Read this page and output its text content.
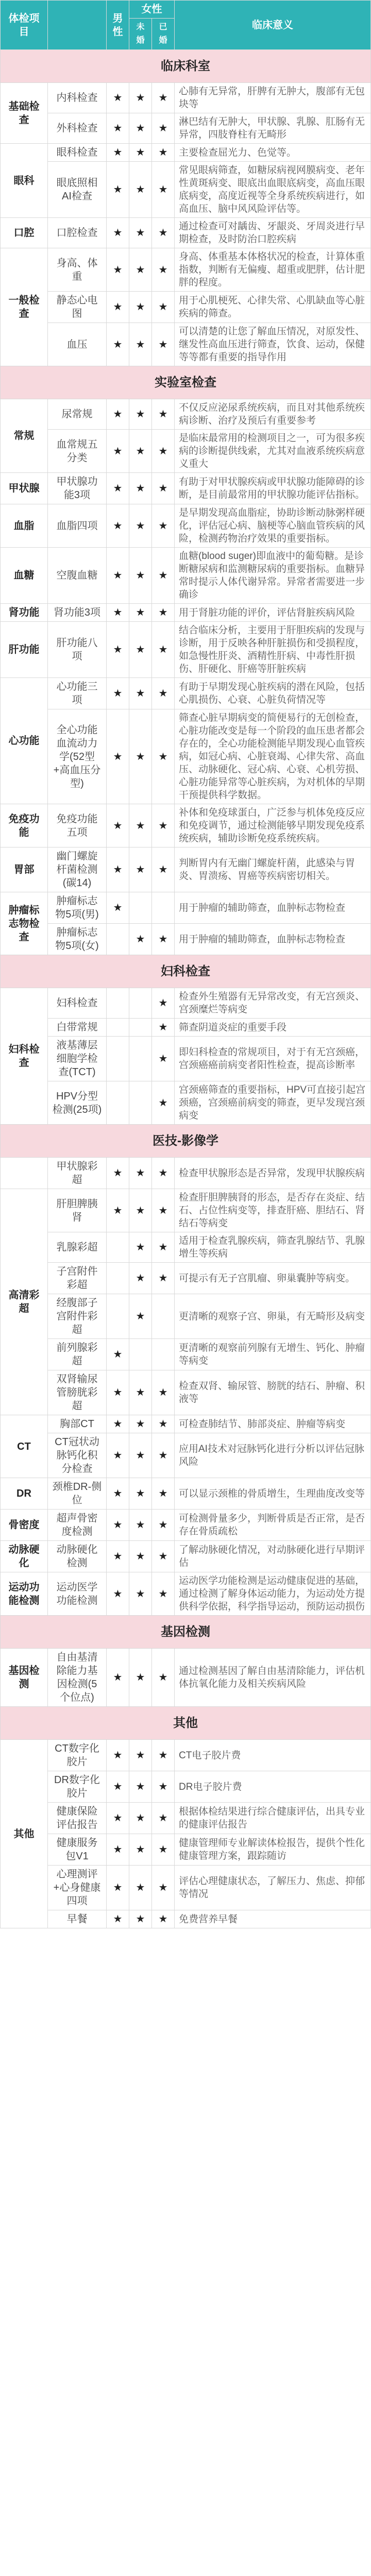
体检项目		男性	女性		临床意义
			未婚	已婚	
临床科室					
基础检查	内科检查	★	★	★	心肺有无异常，肝脾有无肿大，腹部有无包块等
	外科检查	★	★	★	淋巴结有无肿大，甲状腺、乳腺、肛肠有无异常，四肢脊柱有无畸形
眼科	眼科检查	★	★	★	主要检查屈光力、色觉等。
	眼底照相AI检查	★	★	★	常见眼病筛查，如糖尿病视网膜病变、老年性黄斑病变、眼底出血眼底病变，高血压眼底病变，高度近视等全身系统疾病进行，如高血压、脑中风风险评估等。
口腔	口腔检查	★	★	★	通过检查可对龋齿、牙龈炎、牙周炎进行早期检查，及时防治口腔疾病
一般检查	身高、体重	★	★	★	身高、体重基本体格状况的检查，计算体重指数，判断有无偏瘦、超重或肥胖，估计肥胖的程度。
	静态心电图	★	★	★	用于心肌梗死、心律失常、心肌缺血等心脏疾病的筛查。
	血压	★	★	★	可以清楚的让您了解血压情况，对原发性、继发性高血压进行筛查，饮食、运动，保健等等都有重要的指导作用
实验室检查					
常规	尿常规	★	★	★	不仅反应泌尿系统疾病，而且对其他系统疾病诊断、治疗及预后有重要参考
	血常规五分类	★	★	★	是临床最常用的检测项目之一，可为很多疾病的诊断提供线索，尤其对血液系统疾病意义重大
甲状腺	甲状腺功能3项	★	★	★	有助于对甲状腺疾病或甲状腺功能障碍的诊断，是目前最常用的甲状腺功能评估指标。
血脂	血脂四项	★	★	★	是早期发现高血脂症，协助诊断动脉粥样硬化，评估冠心病、脑梗等心脑血管疾病的风险，检测药物治疗效果的重要指标。
血糖	空腹血糖	★	★	★	血糖(blood suger)即血液中的葡萄糖。是诊断糖尿病和监测糖尿病的重要指标。血糖异常时提示人体代谢异常。异常者需要进一步确诊
肾功能	肾功能3项	★	★	★	用于肾脏功能的评价，评估肾脏疾病风险
肝功能	肝功能八项	★	★	★	结合临床分析，主要用于肝胆疾病的发现与诊断，用于反映各种肝脏损伤和受损程度，如急慢性肝炎、酒精性肝病、中毒性肝损伤、肝硬化、肝癌等肝脏疾病
心功能	心功能三项	★	★	★	有助于早期发现心脏疾病的潜在风险，包括心肌损伤、心衰、心脏负荷情况等
	全心功能血流动力学(52型+高血压分型)	★	★	★	筛查心脏早期病变的简便易行的无创检查，心脏功能改变是每一个阶段的血压患者都会存在的，全心功能检测能早期发现心血管疾病，如冠心病、心脏衰竭、心律失常、高血压、动脉硬化、冠心病、心衰、心机劳损、心脏功能异常等心脏疾病，为对机体的早期干预提供科学数据。
免疫功能	免疫功能五项	★	★	★	补体和免疫球蛋白，广泛参与机体免疫反应和免疫调节，通过检测能够早期发现免疫系统疾病，辅助诊断免疫系统疾病。
胃部	幽门螺旋杆菌检测(碳14)	★	★	★	判断胃内有无幽门螺旋杆菌，此感染与胃炎、胃溃疡、胃癌等疾病密切相关。
肿瘤标志物检查	肿瘤标志物5项(男)	★			用于肿瘤的辅助筛查，血肿标志物检查
	肿瘤标志物5项(女)		★	★	用于肿瘤的辅助筛查，血肿标志物检查
妇科检查					
妇科检查	妇科检查			★	检查外生殖器有无异常改变，有无宫颈炎、宫颈糜烂等病变
	白带常规			★	筛查阴道炎症的重要手段
	液基薄层细胞学检查(TCT)			★	即妇科检查的常规项目，对于有无宫颈癌，宫颈癌癌前病变者阳性检查，提高诊断率
	HPV分型检测(25项)			★	宫颈癌筛查的重要指标，HPV可直接引起宫颈癌，宫颈癌前病变的筛查，更早发现宫颈病变
医技-影像学					
	甲状腺彩超	★	★	★	检查甲状腺形态是否异常，发现甲状腺疾病
高清彩超	肝胆脾胰肾	★	★	★	检查肝胆脾胰肾的形态，是否存在炎症、结石、占位性病变等，排查肝癌、胆结石、肾结石等病变
	乳腺彩超		★	★	适用于检查乳腺疾病，筛查乳腺结节、乳腺增生等疾病
	子宫附件彩超		★	★	可提示有无子宫肌瘤、卵巢囊肿等病变。
	经腹部子宫附件彩超		★		更清晰的观察子宫、卵巢，有无畸形及病变
	前列腺彩超	★			更清晰的观察前列腺有无增生、钙化、肿瘤等病变
	双肾输尿管膀胱彩超	★	★	★	检查双肾、输尿管、膀胱的结石、肿瘤、积液等
CT	胸部CT	★	★	★	可检查肺结节、肺部炎症、肿瘤等病变
	CT冠状动脉钙化积分检查	★	★	★	应用AI技术对冠脉钙化进行分析以评估冠脉风险
DR	颈椎DR-侧位	★	★	★	可以显示颈椎的骨质增生，生理曲度改变等
骨密度	超声骨密度检测	★	★	★	可检测骨量多少，判断骨质是否正常，是否存在骨质疏松
动脉硬化	动脉硬化检测	★	★	★	了解动脉硬化情况，对动脉硬化进行早期评估
运动功能检测	运动医学功能检测	★	★	★	运动医学功能检测是运动健康促进的基础，通过检测了解身体运动能力，为运动处方提供科学依据，科学指导运动，预防运动损伤
基因检测					
基因检测	自由基清除能力基因检测(5个位点)	★	★	★	通过检测基因了解自由基清除能力，评估机体抗氧化能力及相关疾病风险
其他					
其他	CT数字化胶片	★	★	★	CT电子胶片费
	DR数字化胶片	★	★	★	DR电子胶片费
	健康保险评估报告	★	★	★	根据体检结果进行综合健康评估，出具专业的健康评估报告
	健康服务包V1	★	★	★	健康管理师专业解读体检报告，提供个性化健康管理方案，跟踪随访
	心理测评+心身健康四项	★	★	★	评估心理健康状态，了解压力、焦虑、抑郁等情况
	早餐	★	★	★	免费营养早餐
